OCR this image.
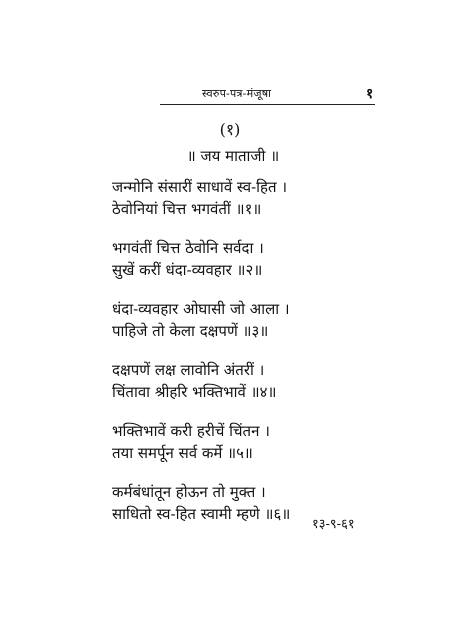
स्वरुप-पत्र-मंजूषा	१
(१)
॥ जय माताजी ॥
जन्मोनि संसारीं साधावें स्व-हित ।
ठेवोनियां चित्त भगवंतीं ॥१॥
भगवंतीं चित्त ठेवोनि सर्वदा ।
सुखें करीं धंदा-व्यवहार ॥२॥
धंदा-व्यवहार ओघासी जो आला ।
पाहिजे तो केला दक्षपणें ॥३॥
दक्षपणें लक्ष लावोनि अंतरीं ।
चिंतावा श्रीहरि भक्तिभावें ॥४॥
भक्तिभावें करी हरीचें चिंतन ।
तया समर्पून सर्व कर्मे ॥५॥
कर्मबंधांतून होऊन तो मुक्त ।
साधितो स्व-हित स्वामी म्हणे ॥६॥
१३-९-६१
